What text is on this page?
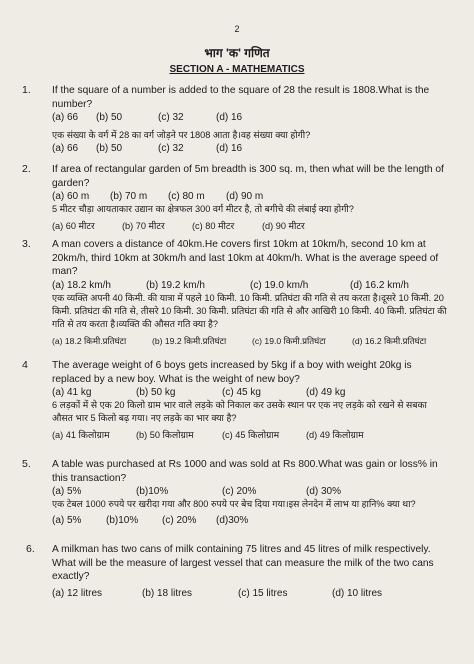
2
भाग 'क' गणित
SECTION A - MATHEMATICS
1. If the square of a number is added to the square of 28 the result is 1808.What is the number?
(a) 66	(b) 50	(c) 32	(d) 16
एक संख्या के वर्ग में 28 का वर्ग जोड़ने पर 1808 आता है।वह संख्या क्या होगी?
(a) 66	(b) 50	(c) 32	(d) 16
2. If area of rectangular garden of 5m breadth is 300 sq. m, then what will be the length of garden?
(a) 60 m	(b) 70 m	(c) 80 m	(d) 90 m
5 मीटर चौड़ा आयताकार उद्यान का क्षेत्रफल 300 वर्ग मीटर है, तो बगीचे की लंबाई क्या होगी?
(a) 60 मीटर	(b) 70 मीटर	(c) 80 मीटर	(d) 90 मीटर
3. A man covers a distance of 40km.He covers first 10km at 10km/h, second 10 km at 20km/h, third 10km at 30km/h and last 10km at 40km/h. What is the average speed of man?
(a) 18.2 km/h	(b) 19.2 km/h	(c) 19.0 km/h	(d) 16.2 km/h
एक व्यक्ति अपनी 40 किमी. की यात्रा में पहले 10 किमी. 10 किमी. प्रतिघंटा की गति से तय करता है।दूसरे 10 किमी. 20 किमी. प्रतिघंटा की गति से, तीसरे 10 किमी. 30 किमी. प्रतिघंटा की गति से और आखिरी 10 किमी. 40 किमी. प्रतिघंटा की गति से तय करता है।व्यक्ति की औसत गति क्या है?
(a) 18.2 किमी.प्रतिघंटा	(b) 19.2 किमी.प्रतिघंटा	(c) 19.0 किमी.प्रतिघंटा	(d) 16.2 किमी.प्रतिघंटा
4 The average weight of 6 boys gets increased by 5kg if a boy with weight 20kg is replaced by a new boy. What is the weight of new boy?
(a) 41 kg	(b) 50 kg	(c) 45 kg	(d) 49 kg
6 लड़कों में से एक 20 किलो ग्राम भार वाले लड़के को निकाल कर उसके स्थान पर एक नए लड़के को रखने से सबका औसत भार 5 किलो बढ़ गया। नए लड़के का भार क्या है?
(a) 41 किलोग्राम	(b) 50 किलोग्राम	(c) 45 किलोग्राम	(d) 49 किलोग्राम
5. A table was purchased at Rs 1000 and was sold at Rs 800.What was gain or loss% in this transaction?
(a) 5%	(b)10%	(c) 20%	(d) 30%
एक टेबल 1000 रुपये पर खरीदा गया और 800 रुपये पर बेच दिया गया।इस लेनदेन में लाभ या हानि% क्या था?
(a) 5%	(b)10%	(c) 20%	(d)30%
6. A milkman has two cans of milk containing 75 litres and 45 litres of milk respectively. What will be the measure of largest vessel that can measure the milk of the two cans exactly?
(a) 12 litres	(b) 18 litres	(c) 15 litres	(d) 10 litres
